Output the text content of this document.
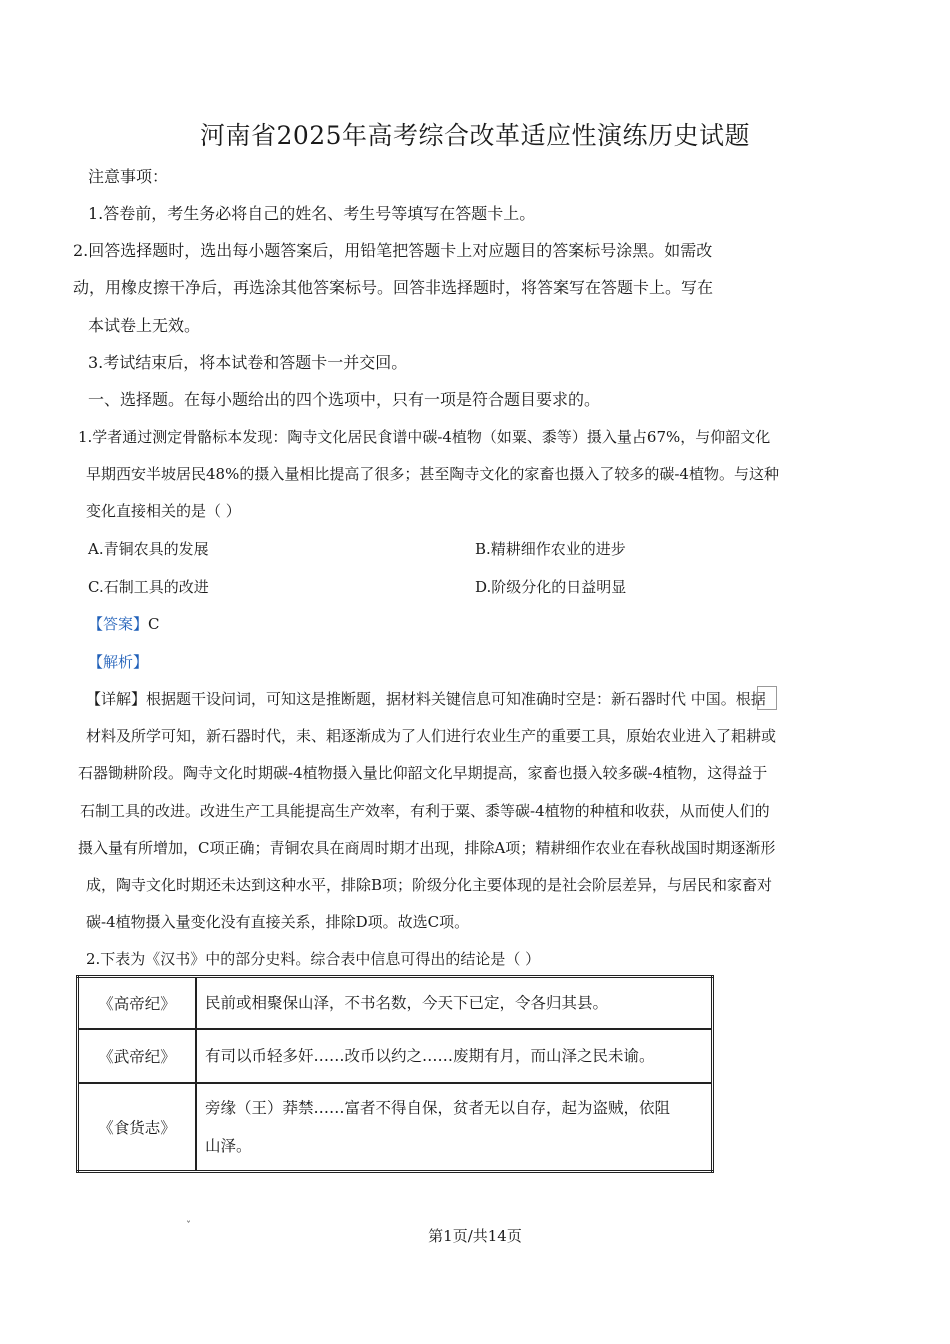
河南省2025年高考综合改革适应性演练历史试题
注意事项：
1.答卷前，考生务必将自己的姓名、考生号等填写在答题卡上。
2.回答选择题时，选出每小题答案后，用铅笔把答题卡上对应题目的答案标号涂黑。如需改
动，用橡皮擦干净后，再选涂其他答案标号。回答非选择题时，将答案写在答题卡上。写在
本试卷上无效。
3.考试结束后，将本试卷和答题卡一并交回。
一、选择题。在每小题给出的四个选项中，只有一项是符合题目要求的。
1.学者通过测定骨骼标本发现：陶寺文化居民食谱中碳-4植物（如粟、黍等）摄入量占67%，与仰韶文化
早期西安半坡居民48%的摄入量相比提高了很多；甚至陶寺文化的家畜也摄入了较多的碳-4植物。与这种
变化直接相关的是（ ）
A.青铜农具的发展	B.精耕细作农业的进步
C.石制工具的改进	D.阶级分化的日益明显
【答案】C
【解析】
【详解】根据题干设问词，可知这是推断题，据材料关键信息可知准确时空是：新石器时代 中国。根据
材料及所学可知，新石器时代，耒、耜逐渐成为了人们进行农业生产的重要工具，原始农业进入了耜耕或
石器锄耕阶段。陶寺文化时期碳-4植物摄入量比仰韶文化早期提高，家畜也摄入较多碳-4植物，这得益于
石制工具的改进。改进生产工具能提高生产效率，有利于粟、黍等碳-4植物的种植和收获，从而使人们的
摄入量有所增加，C项正确；青铜农具在商周时期才出现，排除A项；精耕细作农业在春秋战国时期逐渐形
成，陶寺文化时期还未达到这种水平，排除B项；阶级分化主要体现的是社会阶层差异，与居民和家畜对
碳-4植物摄入量变化没有直接关系，排除D项。故选C项。
2.下表为《汉书》中的部分史料。综合表中信息可得出的结论是（ ）
《高帝纪》	民前或相聚保山泽，不书名数，今天下已定，令各归其县。
《武帝纪》	有司以币轻多奸……改币以约之……废期有月，而山泽之民未谕。
《食货志》	旁缘（王）莽禁……富者不得自保，贫者无以自存，起为盗贼，依阻
山泽。
ˇ
第1页/共14页
